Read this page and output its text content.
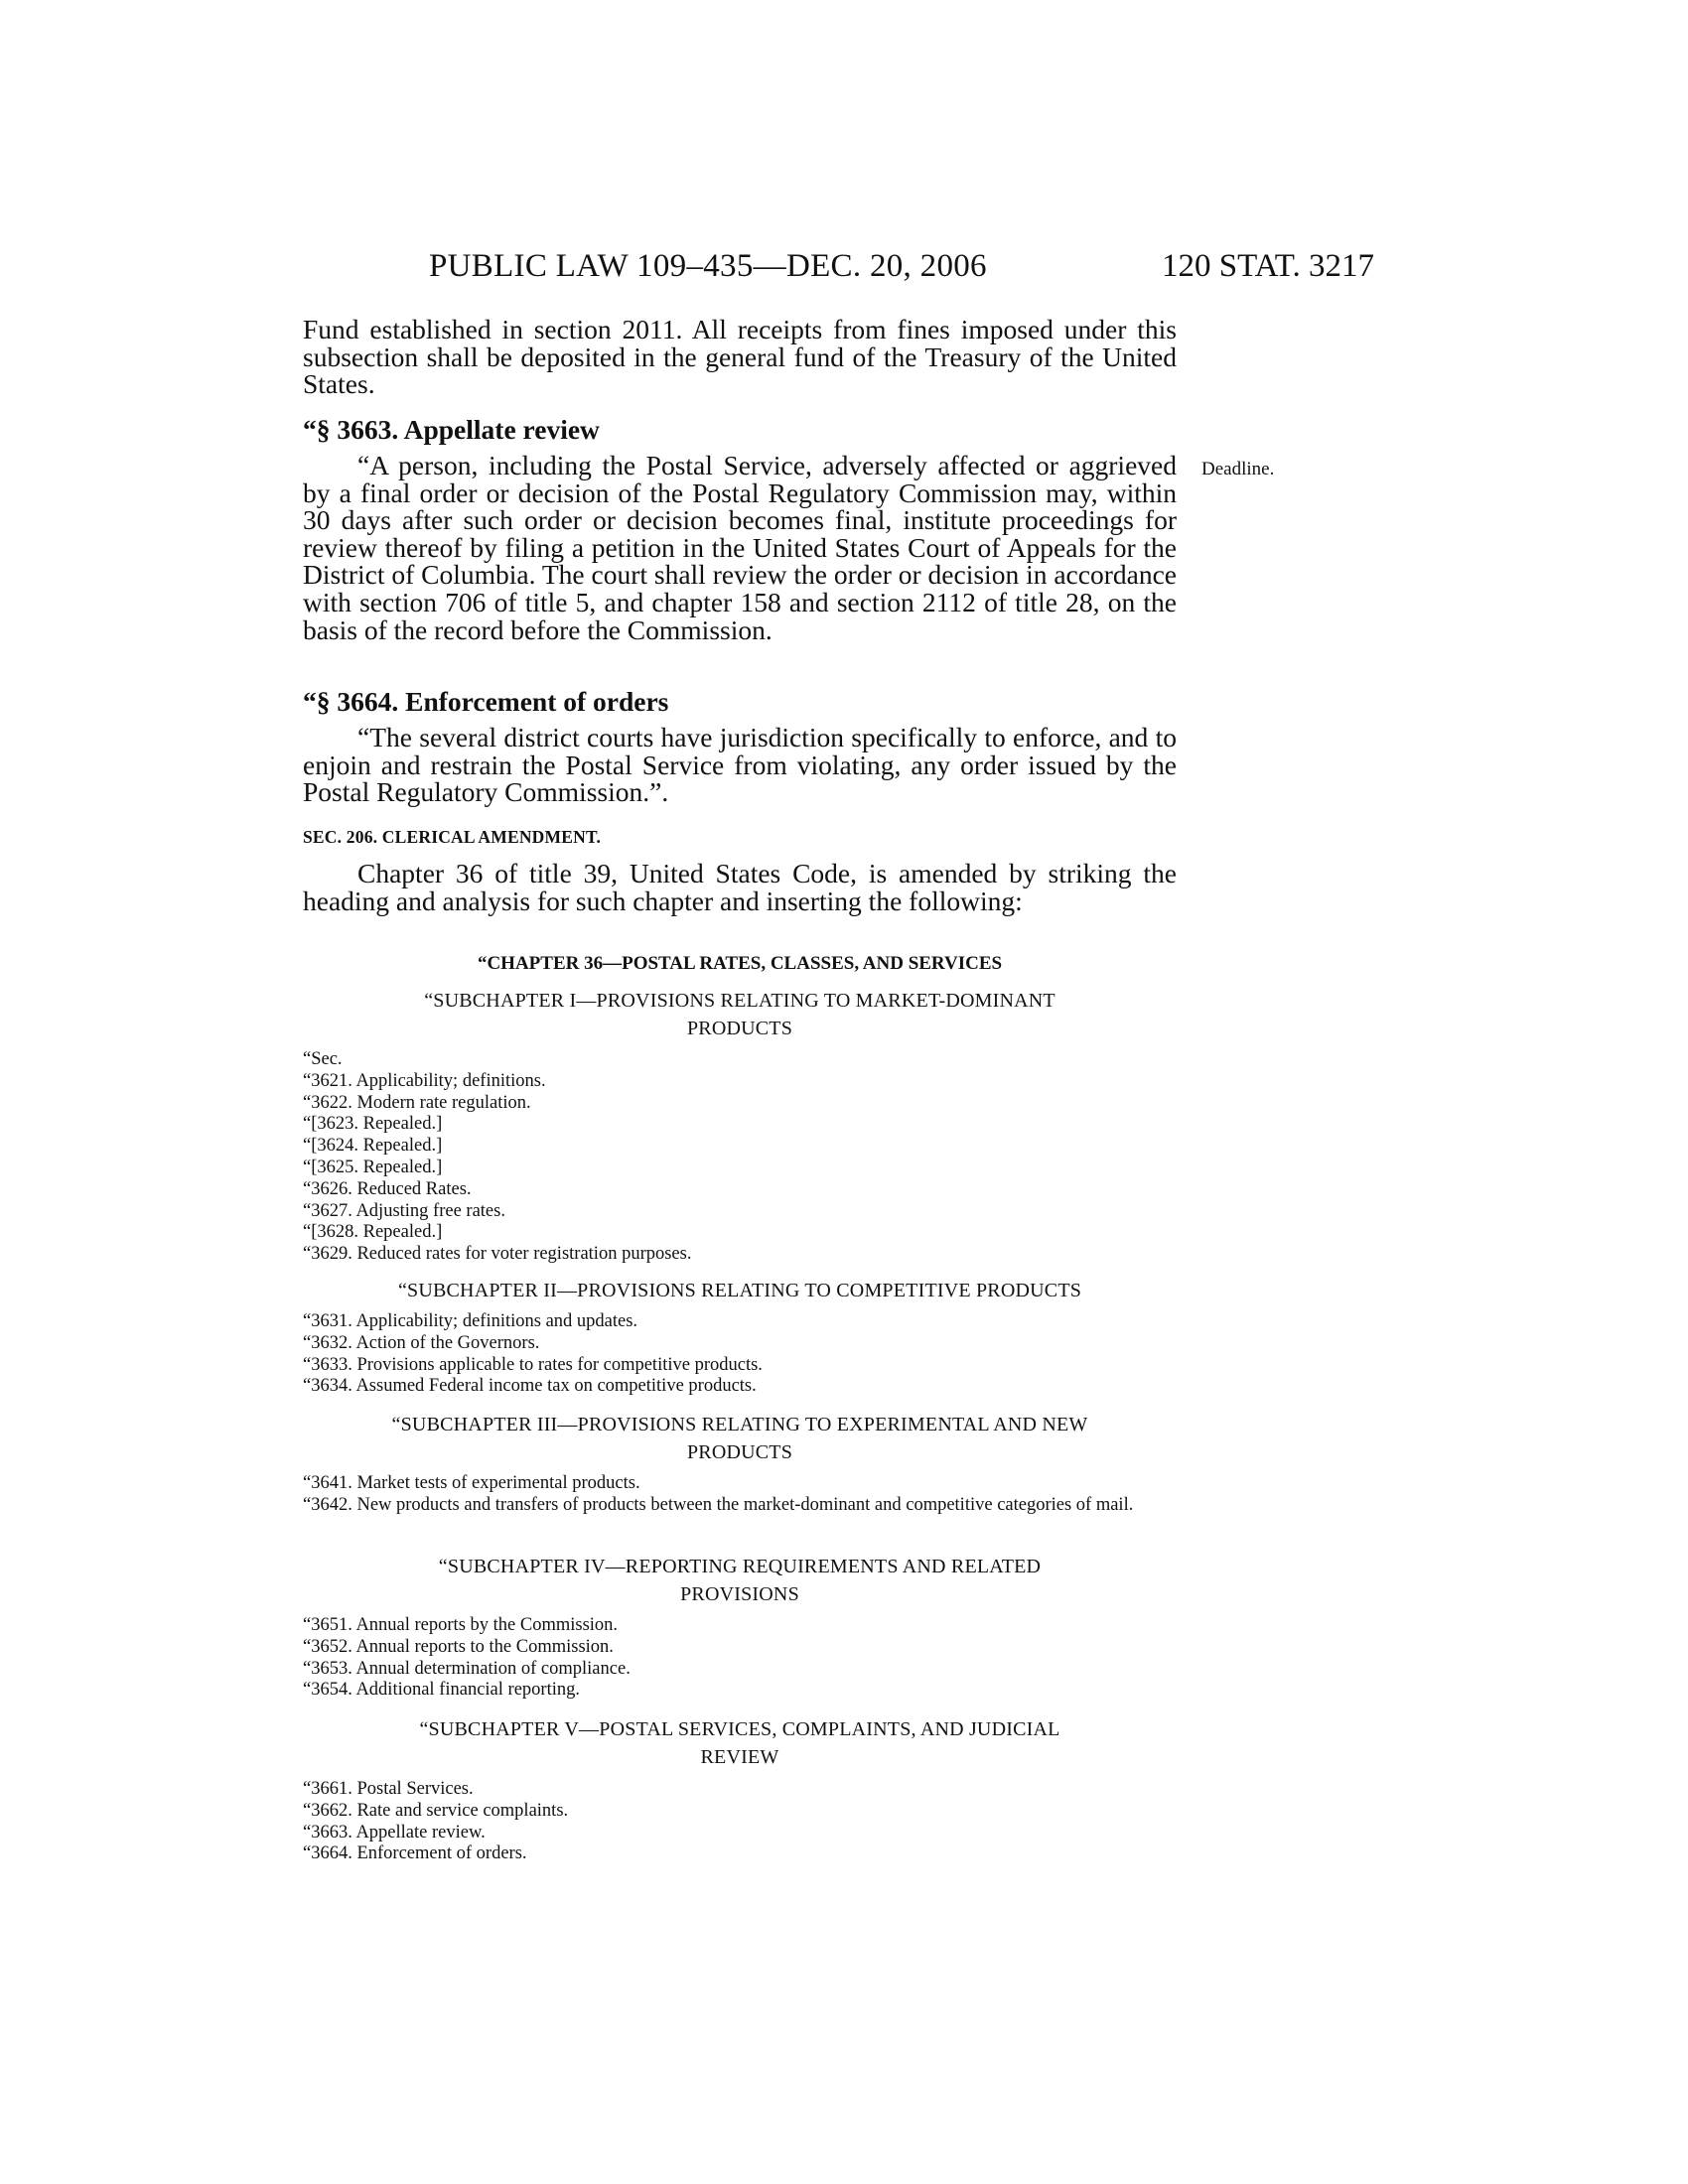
PUBLIC LAW 109–435—DEC. 20, 2006	120 STAT. 3217

Fund established in section 2011. All receipts from fines imposed under this subsection shall be deposited in the general fund of the Treasury of the United States.

“§ 3663. Appellate review

“A person, including the Postal Service, adversely affected or aggrieved by a final order or decision of the Postal Regulatory Commission may, within 30 days after such order or decision becomes final, institute proceedings for review thereof by filing a petition in the United States Court of Appeals for the District of Columbia. The court shall review the order or decision in accordance with section 706 of title 5, and chapter 158 and section 2112 of title 28, on the basis of the record before the Commission.

Deadline.

“§ 3664. Enforcement of orders

“The several district courts have jurisdiction specifically to enforce, and to enjoin and restrain the Postal Service from violating, any order issued by the Postal Regulatory Commission.”.

SEC. 206. CLERICAL AMENDMENT.

Chapter 36 of title 39, United States Code, is amended by striking the heading and analysis for such chapter and inserting the following:

“CHAPTER 36—POSTAL RATES, CLASSES, AND SERVICES
“SUBCHAPTER I—PROVISIONS RELATING TO MARKET-DOMINANT
PRODUCTS
“Sec.
“3621. Applicability; definitions.
“3622. Modern rate regulation.
“[3623. Repealed.]
“[3624. Repealed.]
“[3625. Repealed.]
“3626. Reduced Rates.
“3627. Adjusting free rates.
“[3628. Repealed.]
“3629. Reduced rates for voter registration purposes.
“SUBCHAPTER II—PROVISIONS RELATING TO COMPETITIVE PRODUCTS
“3631. Applicability; definitions and updates.
“3632. Action of the Governors.
“3633. Provisions applicable to rates for competitive products.
“3634. Assumed Federal income tax on competitive products.
“SUBCHAPTER III—PROVISIONS RELATING TO EXPERIMENTAL AND NEW
PRODUCTS
“3641. Market tests of experimental products.
“3642. New products and transfers of products between the market-dominant and competitive categories of mail.
“SUBCHAPTER IV—REPORTING REQUIREMENTS AND RELATED
PROVISIONS
“3651. Annual reports by the Commission.
“3652. Annual reports to the Commission.
“3653. Annual determination of compliance.
“3654. Additional financial reporting.
“SUBCHAPTER V—POSTAL SERVICES, COMPLAINTS, AND JUDICIAL
REVIEW
“3661. Postal Services.
“3662. Rate and service complaints.
“3663. Appellate review.
“3664. Enforcement of orders.
